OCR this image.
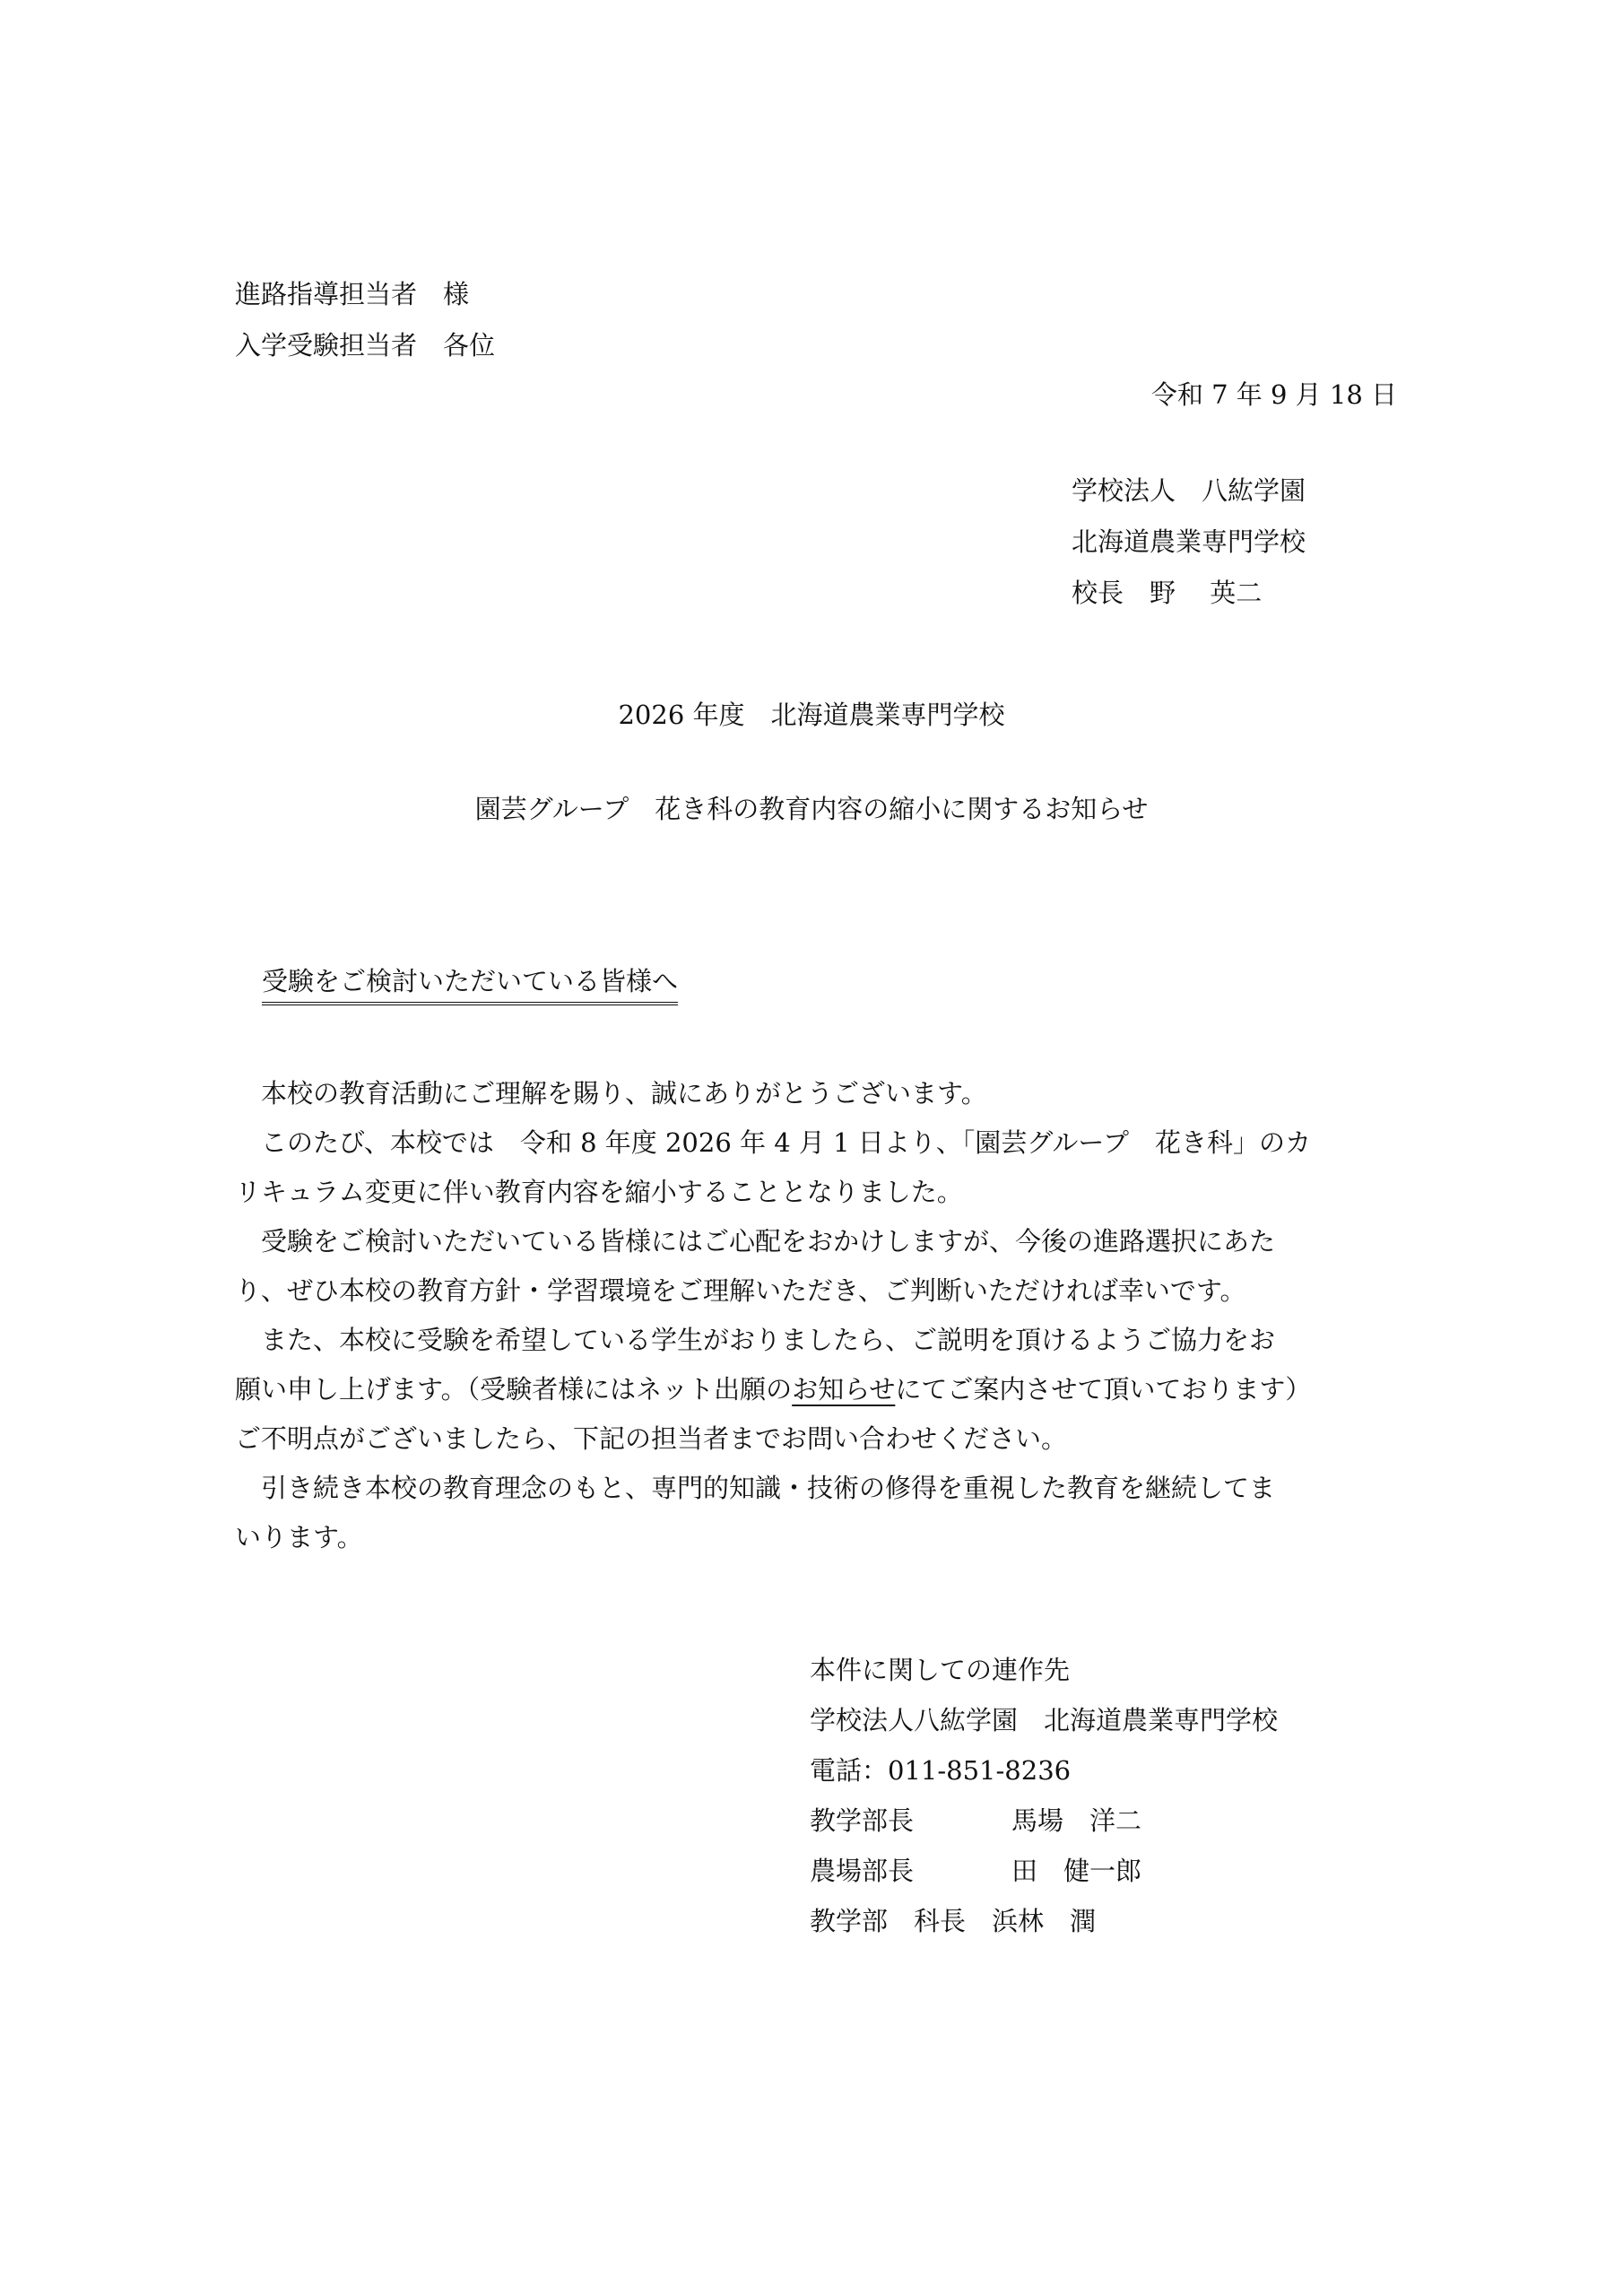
進路指導担当者　様
入学受験担当者　各位
令和 7 年 9 月 18 日
学校法人　八紘学園
北海道農業専門学校
校長　野　 英二
2026 年度　北海道農業専門学校
園芸グループ　花き科の教育内容の縮小に関するお知らせ
受験をご検討いただいている皆様へ

　本校の教育活動にご理解を賜り、誠にありがとうございます。

　このたび、本校では　令和 8 年度 2026 年 4 月 1 日より、「園芸グループ　花き科」のカ

リキュラム変更に伴い教育内容を縮小することとなりました。

　受験をご検討いただいている皆様にはご心配をおかけしますが、今後の進路選択にあた

り、ぜひ本校の教育方針・学習環境をご理解いただき、ご判断いただければ幸いです。

　また、本校に受験を希望している学生がおりましたら、ご説明を頂けるようご協力をお

願い申し上げます。（受験者様にはネット出願のお知らせにてご案内させて頂いております）

ご不明点がございましたら、下記の担当者までお問い合わせください。

　引き続き本校の教育理念のもと、専門的知識・技術の修得を重視した教育を継続してま

いります。

本件に関しての連作先
学校法人八紘学園　北海道農業専門学校
電話：011-851-8236
教学部長	馬場　洋二
農場部長	田　健一郎
教学部　科長　浜林　潤
